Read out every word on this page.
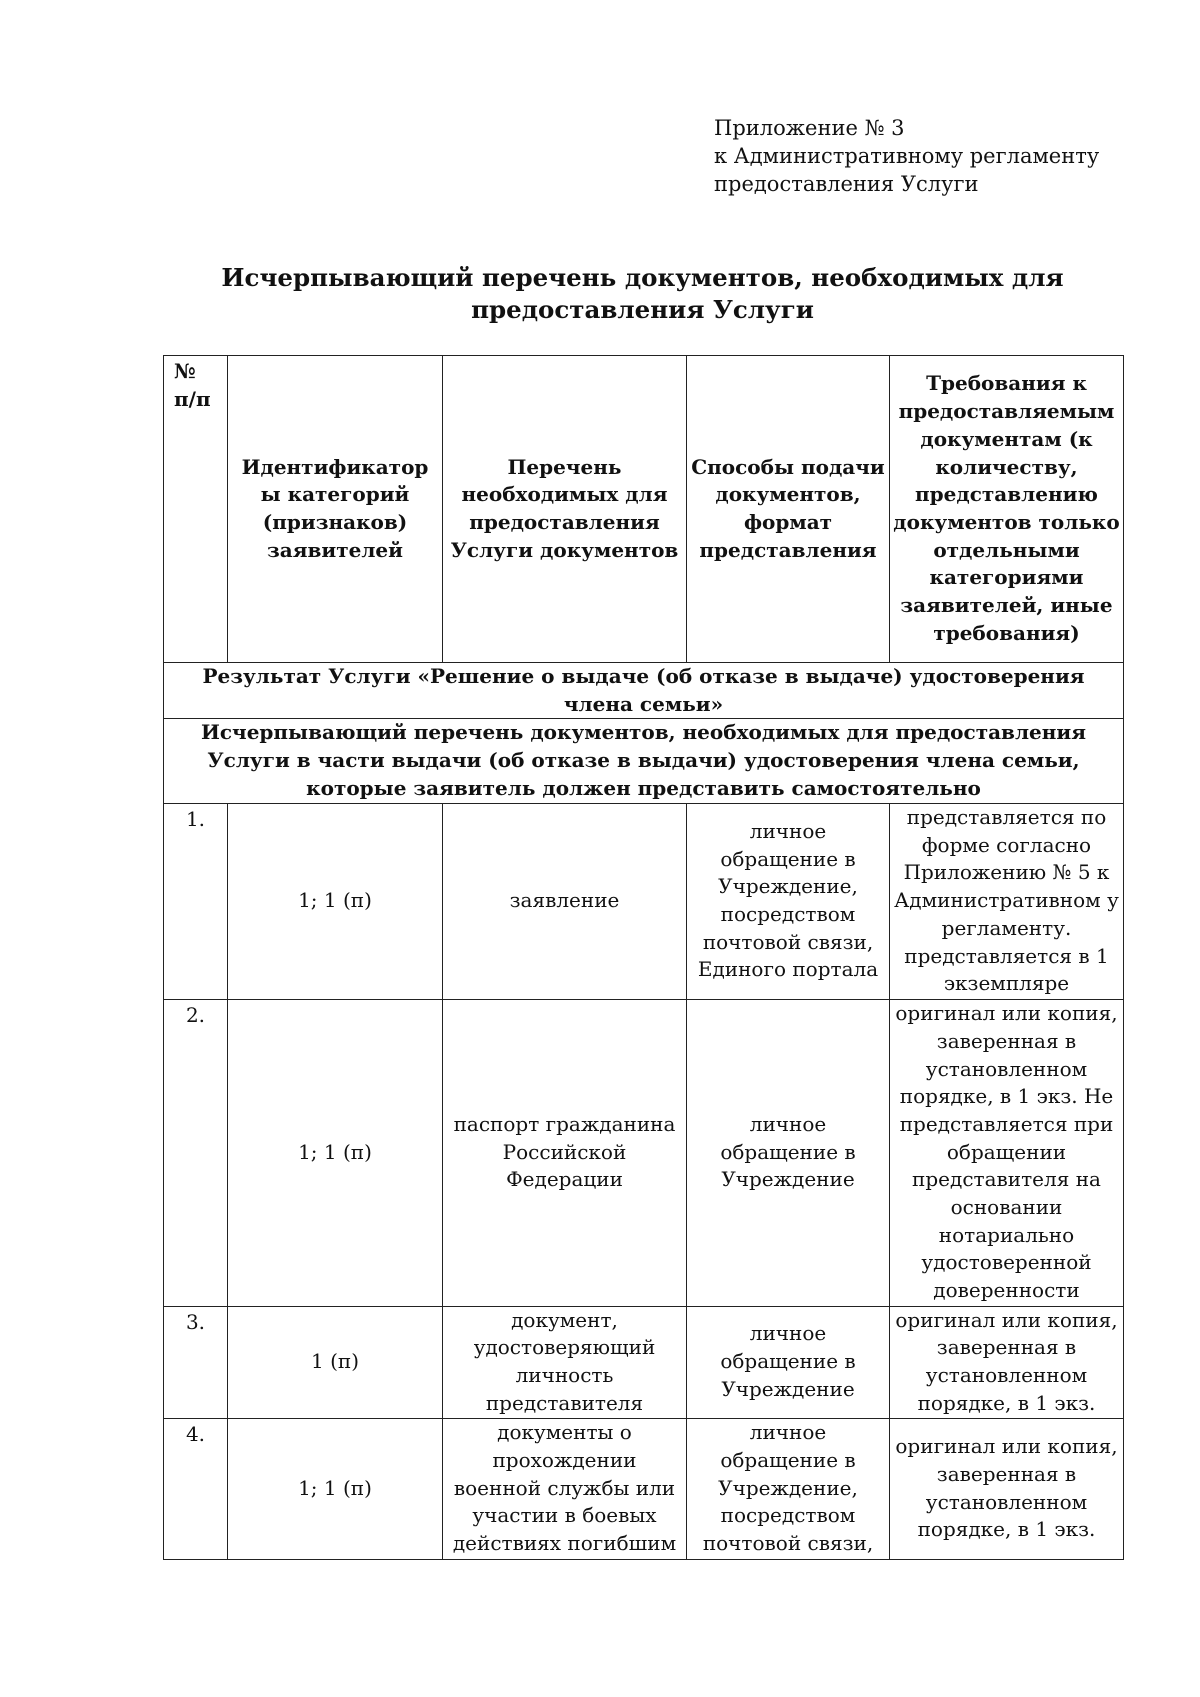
Приложение № 3
к Административному регламенту
предоставления Услуги
Исчерпывающий перечень документов, необходимых для
предоставления Услуги
№ п/п	Идентификатор ы категорий (признаков) заявителей	Перечень необходимых для предоставления Услуги документов	Способы подачи документов, формат представления	Требования к предоставляемым документам (к количеству, представлению документов только отдельными категориями заявителей, иные требования)
Результат Услуги «Решение о выдаче (об отказе в выдаче) удостоверения члена семьи»				
Исчерпывающий перечень документов, необходимых для предоставления Услуги в части выдачи (об отказе в выдачи) удостоверения члена семьи, которые заявитель должен представить самостоятельно				
1.	1; 1 (п)	заявление	личное обращение в Учреждение, посредством почтовой связи, Единого портала	представляется по форме согласно Приложению № 5 к Административном у регламенту. представляется в 1 экземпляре
2.	1; 1 (п)	паспорт гражданина Российской Федерации	личное обращение в Учреждение	оригинал или копия, заверенная в установленном порядке, в 1 экз. Не представляется при обращении представителя на основании нотариально удостоверенной доверенности
3.	1 (п)	документ, удостоверяющий личность представителя	личное обращение в Учреждение	оригинал или копия, заверенная в установленном порядке, в 1 экз.
4.	1; 1 (п)	документы о прохождении военной службы или участии в боевых действиях погибшим	личное обращение в Учреждение, посредством почтовой связи,	оригинал или копия, заверенная в установленном порядке, в 1 экз.
